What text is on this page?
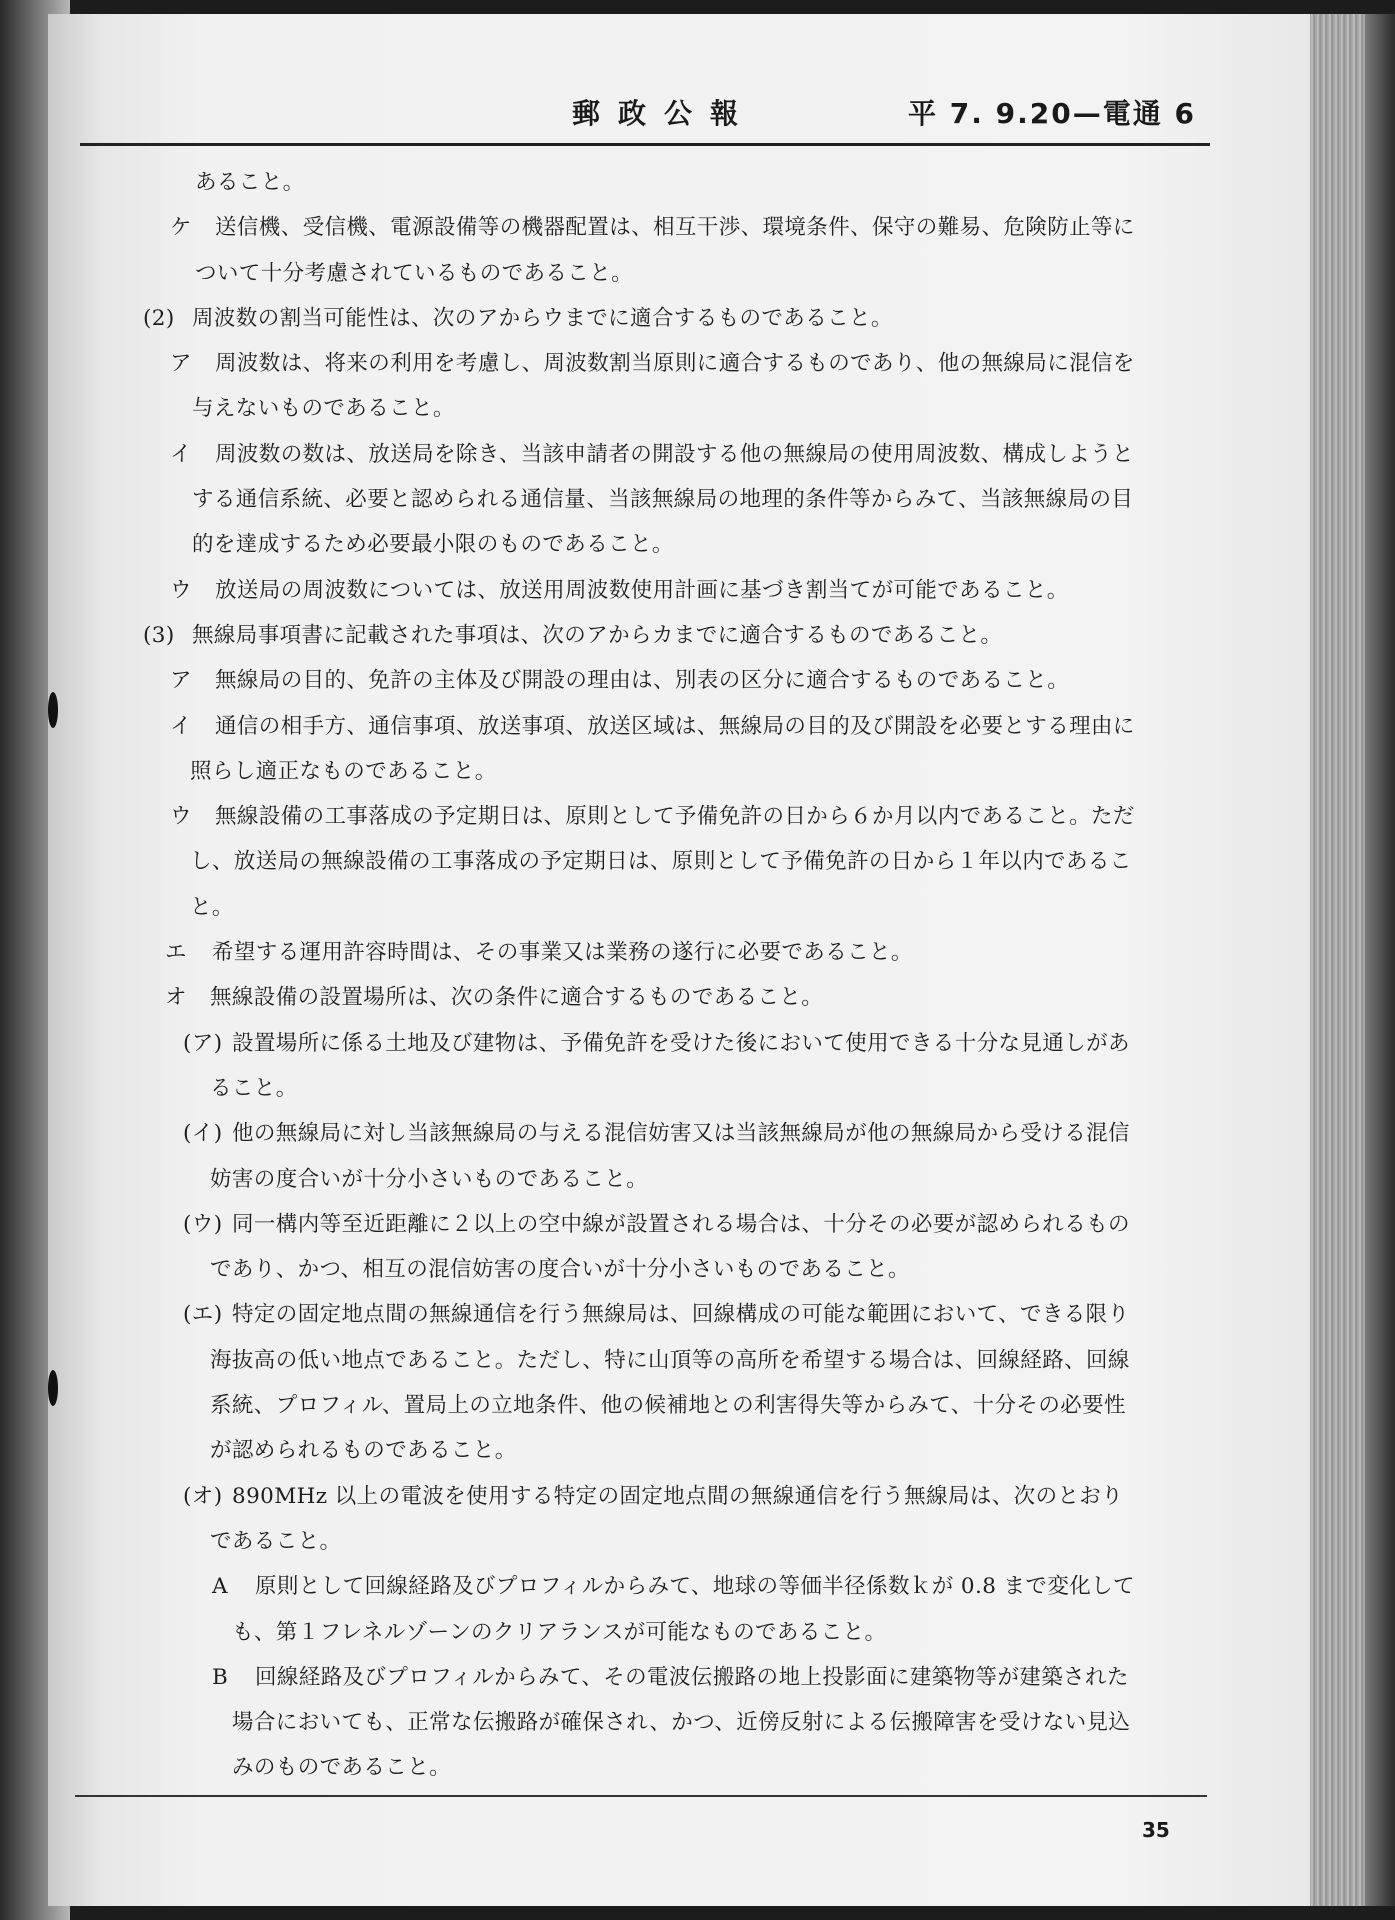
郵政公報	平 7. 9.20—電通 6
あること。
ケ 送信機、受信機、電源設備等の機器配置は、相互干渉、環境条件、保守の難易、危険防止等に
ついて十分考慮されているものであること。
(2) 周波数の割当可能性は、次のアからウまでに適合するものであること。
ア 周波数は、将来の利用を考慮し、周波数割当原則に適合するものであり、他の無線局に混信を
与えないものであること。
イ 周波数の数は、放送局を除き、当該申請者の開設する他の無線局の使用周波数、構成しようと
する通信系統、必要と認められる通信量、当該無線局の地理的条件等からみて、当該無線局の目
的を達成するため必要最小限のものであること。
ウ 放送局の周波数については、放送用周波数使用計画に基づき割当てが可能であること。
(3) 無線局事項書に記載された事項は、次のアからカまでに適合するものであること。
ア 無線局の目的、免許の主体及び開設の理由は、別表の区分に適合するものであること。
イ 通信の相手方、通信事項、放送事項、放送区域は、無線局の目的及び開設を必要とする理由に
照らし適正なものであること。
ウ 無線設備の工事落成の予定期日は、原則として予備免許の日から６か月以内であること。ただ
し、放送局の無線設備の工事落成の予定期日は、原則として予備免許の日から１年以内であるこ
と。
エ 希望する運用許容時間は、その事業又は業務の遂行に必要であること。
オ 無線設備の設置場所は、次の条件に適合するものであること。
(ア) 設置場所に係る土地及び建物は、予備免許を受けた後において使用できる十分な見通しがあ
ること。
(イ) 他の無線局に対し当該無線局の与える混信妨害又は当該無線局が他の無線局から受ける混信
妨害の度合いが十分小さいものであること。
(ウ) 同一構内等至近距離に２以上の空中線が設置される場合は、十分その必要が認められるもの
であり、かつ、相互の混信妨害の度合いが十分小さいものであること。
(エ) 特定の固定地点間の無線通信を行う無線局は、回線構成の可能な範囲において、できる限り
海抜高の低い地点であること。ただし、特に山頂等の高所を希望する場合は、回線経路、回線
系統、プロフィル、置局上の立地条件、他の候補地との利害得失等からみて、十分その必要性
が認められるものであること。
(オ) 890MHz 以上の電波を使用する特定の固定地点間の無線通信を行う無線局は、次のとおり
であること。
A 原則として回線経路及びプロフィルからみて、地球の等価半径係数ｋが 0.8 まで変化して
も、第１フレネルゾーンのクリアランスが可能なものであること。
B 回線経路及びプロフィルからみて、その電波伝搬路の地上投影面に建築物等が建築された
場合においても、正常な伝搬路が確保され、かつ、近傍反射による伝搬障害を受けない見込
みのものであること。
35
